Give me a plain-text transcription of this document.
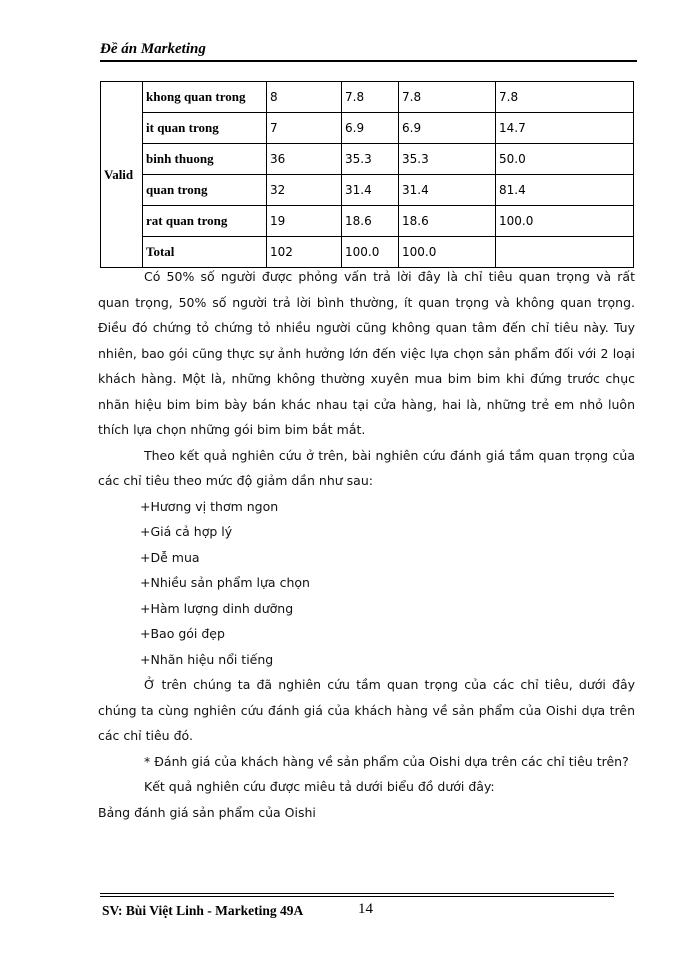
Đề án Marketing
Valid	khong quan trong	8	7.8	7.8	7.8
	it quan trong	7	6.9	6.9	14.7
	binh thuong	36	35.3	35.3	50.0
	quan trong	32	31.4	31.4	81.4
	rat quan trong	19	18.6	18.6	100.0
	Total	102	100.0	100.0	

Có 50% số người được phỏng vấn trả lời đây là chỉ tiêu quan trọng và rất quan trọng, 50% số người trả lời bình thường, ít quan trọng và không quan trọng. Điều đó chứng tỏ chứng tỏ nhiều người cũng không quan tâm đến chỉ tiêu này. Tuy nhiên, bao gói cũng thực sự ảnh hưởng lớn đến việc lựa chọn sản phẩm đối với 2 loại khách hàng. Một là, những không thường xuyên mua bim bim khi đứng trước chục nhãn hiệu bim bim bày bán khác nhau tại cửa hàng, hai là, những trẻ em nhỏ luôn thích lựa chọn những gói bim bim bắt mắt.

Theo kết quả nghiên cứu ở trên, bài nghiên cứu đánh giá tầm quan trọng của các chỉ tiêu theo mức độ giảm dần như sau:

+Hương vị thơm ngon

+Giá cả hợp lý

+Dễ mua

+Nhiều sản phẩm lựa chọn

+Hàm lượng dinh dưỡng

+Bao gói đẹp

+Nhãn hiệu nổi tiếng

Ở trên chúng ta đã nghiên cứu tầm quan trọng của các chỉ tiêu, dưới đây chúng ta cùng nghiên cứu đánh giá của khách hàng về sản phẩm của Oishi dựa trên các chỉ tiêu đó.

* Đánh giá của khách hàng về sản phẩm của Oishi dựa trên các chỉ tiêu trên?

Kết quả nghiên cứu được miêu tả dưới biểu đồ dưới đây:

Bảng đánh giá sản phẩm của Oishi

SV: Bùi Việt Linh - Marketing 49A	14
